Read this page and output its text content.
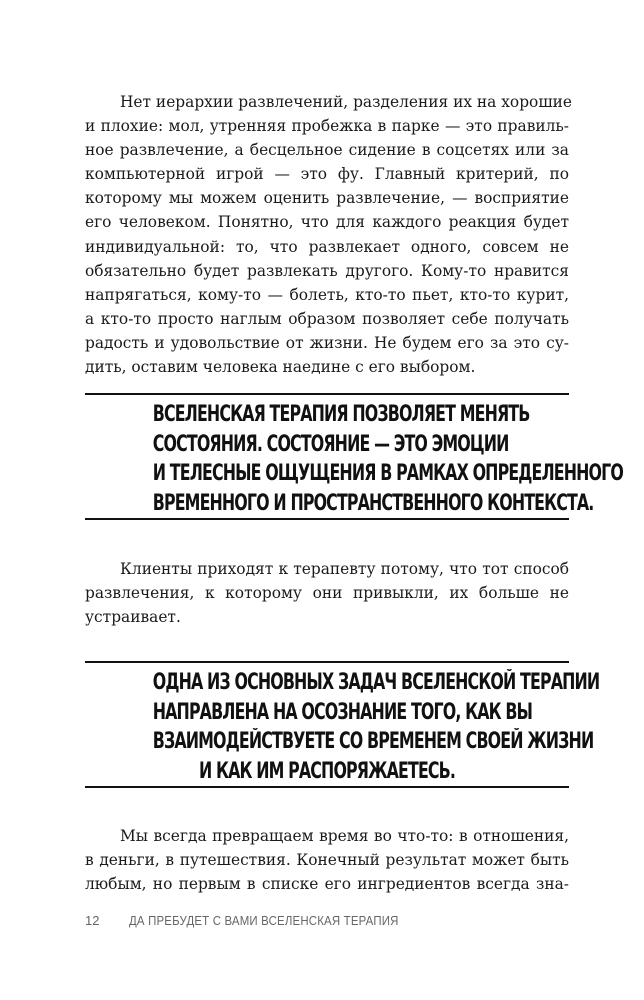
Нет иерархии развлечений, разделения их на хорошие
и плохие: мол, утренняя пробежка в парке — это правиль-
ное развлечение, а бесцельное сидение в соцсетях или за
компьютерной игрой — это фу. Главный критерий, по
которому мы можем оценить развлечение, — восприятие
его человеком. Понятно, что для каждого реакция будет
индивидуальной: то, что развлекает одного, совсем не
обязательно будет развлекать другого. Кому-то нравится
напрягаться, кому-то — болеть, кто-то пьет, кто-то курит,
а кто-то просто наглым образом позволяет себе получать
радость и удовольствие от жизни. Не будем его за это су-
дить, оставим человека наедине с его выбором.
ВСЕЛЕНСКАЯ ТЕРАПИЯ ПОЗВОЛЯЕТ МЕНЯТЬ
СОСТОЯНИЯ. СОСТОЯНИЕ — ЭТО ЭМОЦИИ
И ТЕЛЕСНЫЕ ОЩУЩЕНИЯ В РАМКАХ ОПРЕДЕЛЕННОГО
ВРЕМЕННОГО И ПРОСТРАНСТВЕННОГО КОНТЕКСТА.
Клиенты приходят к терапевту потому, что тот способ
развлечения, к которому они привыкли, их больше не
устраивает.
ОДНА ИЗ ОСНОВНЫХ ЗАДАЧ ВСЕЛЕНСКОЙ ТЕРАПИИ
НАПРАВЛЕНА НА ОСОЗНАНИЕ ТОГО, КАК ВЫ
ВЗАИМОДЕЙСТВУЕТЕ СО ВРЕМЕНЕМ СВОЕЙ ЖИЗНИ
И КАК ИМ РАСПОРЯЖАЕТЕСЬ.
Мы всегда превращаем время во что-то: в отношения,
в деньги, в путешествия. Конечный результат может быть
любым, но первым в списке его ингредиентов всегда зна-
12 ДА ПРЕБУДЕТ С ВАМИ ВСЕЛЕНСКАЯ ТЕРАПИЯ
